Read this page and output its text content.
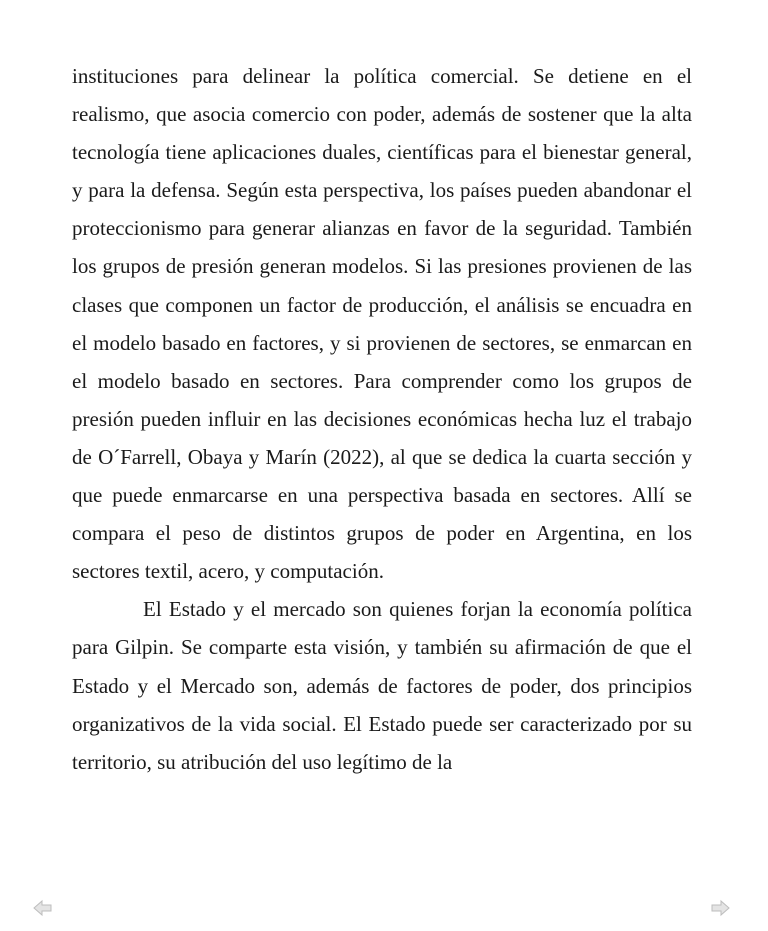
instituciones para delinear la política comercial. Se detiene en el realismo, que asocia comercio con poder, además de sostener que la alta tecnología tiene aplicaciones duales, científicas para el bienestar general, y para la defensa. Según esta perspectiva, los países pueden abandonar el proteccionismo para generar alianzas en favor de la seguridad. También los grupos de presión generan modelos. Si las presiones provienen de las clases que componen un factor de producción, el análisis se encuadra en el modelo basado en factores, y si provienen de sectores, se enmarcan en el modelo basado en sectores. Para comprender como los grupos de presión pueden influir en las decisiones económicas hecha luz el trabajo de O´Farrell, Obaya y Marín (2022), al que se dedica la cuarta sección y que puede enmarcarse en una perspectiva basada en sectores. Allí se compara el peso de distintos grupos de poder en Argentina, en los sectores textil, acero, y computación.

El Estado y el mercado son quienes forjan la economía política para Gilpin. Se comparte esta visión, y también su afirmación de que el Estado y el Mercado son, además de factores de poder, dos principios organizativos de la vida social. El Estado puede ser caracterizado por su territorio, su atribución del uso legítimo de la
